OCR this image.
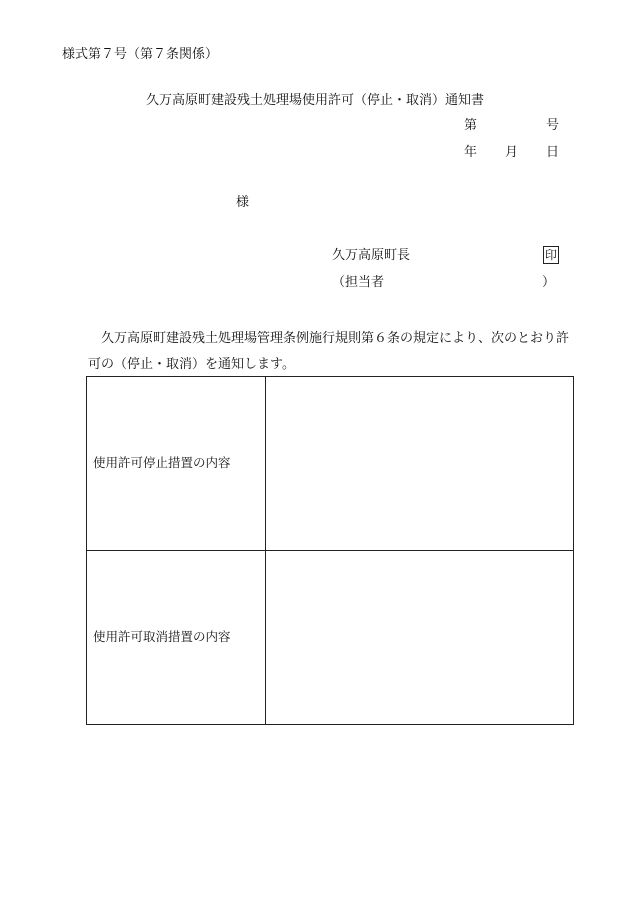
様式第７号（第７条関係）
久万高原町建設残土処理場使用許可（停止・取消）通知書
第	号
年 月 日
様
久万高原町長	印
（担当者	）
久万高原町建設残土処理場管理条例施行規則第６条の規定により、次のとおり許可の（停止・取消）を通知します。
使用許可停止措置の内容	
使用許可取消措置の内容	
